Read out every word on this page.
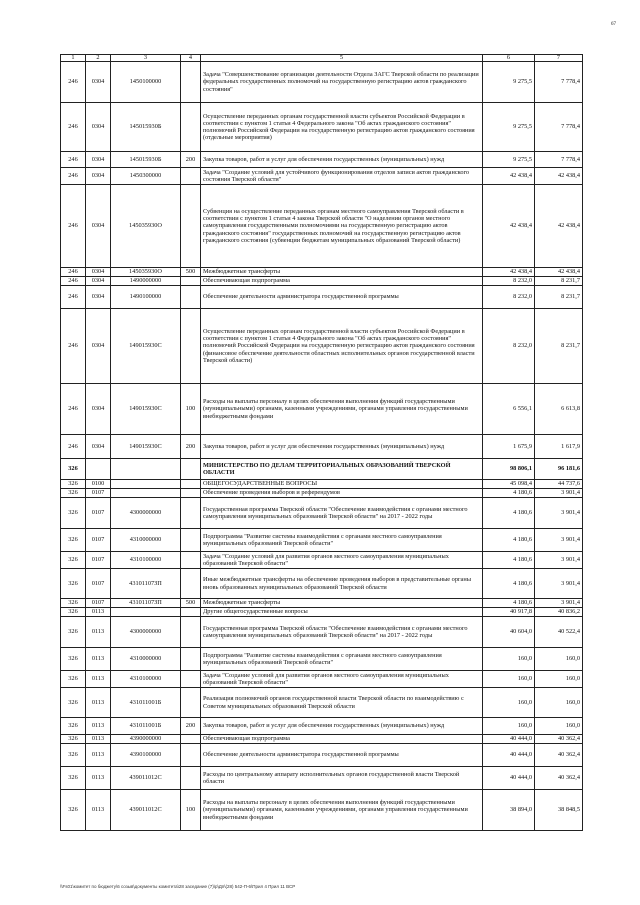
67
1	2	3	4	5	6	7
246	0304	1450100000		Задача "Совершенствование организации деятельности Отдела ЗАГС Тверской области по реализации федеральных государственных полномочий на государственную регистрацию актов гражданского состояния"	9 275,5	7 778,4
246	0304	145015930Б		Осуществление переданных органам государственной власти субъектов Российской Федерации в соответствии с пунктом 1 статьи 4 Федерального закона "Об актах гражданского состояния" полномочий Российской Федерации на государственную регистрацию актов гражданского состояния (отдельные мероприятия)	9 275,5	7 778,4
246	0304	145015930Б	200	Закупка товаров, работ и услуг для обеспечения государственных (муниципальных) нужд	9 275,5	7 778,4
246	0304	1450300000		Задача "Создание условий для устойчивого функционирования отделов записи актов гражданского состояния Тверской области"	42 438,4	42 438,4
246	0304	145035930O		Субвенция на осуществление переданных органам местного самоуправления Тверской области в соответствии с пунктом 1 статьи 4 закона Тверской области "О наделении органов местного самоуправления государственными полномочиями на государственную регистрацию актов гражданского состояния" государственных полномочий на государственную регистрацию актов гражданского состояния (субвенции бюджетам муниципальных образований Тверской области)	42 438,4	42 438,4
246	0304	145035930O	500	Межбюджетные трансферты	42 438,4	42 438,4
246	0304	1490000000		Обеспечивающая подпрограмма	8 232,0	8 231,7
246	0304	1490100000		Обеспечение деятельности администратора государственной программы	8 232,0	8 231,7
246	0304	149015930С		Осуществление переданных органам государственной власти субъектов Российской Федерации в соответствии с пунктом 1 статьи 4 Федерального закона "Об актах гражданского состояния" полномочий Российской Федерации на государственную регистрацию актов гражданского состояния (финансовое обеспечение деятельности областных исполнительных органов государственной власти Тверской области)	8 232,0	8 231,7
246	0304	149015930С	100	Расходы на выплаты персоналу в целях обеспечения выполнения функций государственными (муниципальными) органами, казенными учреждениями, органами управления государственными внебюджетными фондами	6 556,1	6 613,8
246	0304	149015930С	200	Закупка товаров, работ и услуг для обеспечения государственных (муниципальных) нужд	1 675,9	1 617,9
326				МИНИСТЕРСТВО ПО ДЕЛАМ ТЕРРИТОРИАЛЬНЫХ ОБРАЗОВАНИЙ ТВЕРСКОЙ ОБЛАСТИ	98 806,1	96 181,6
326	0100			ОБЩЕГОСУДАРСТВЕННЫЕ ВОПРОСЫ	45 098,4	44 737,6
326	0107			Обеспечение проведения выборов и референдумов	4 180,6	3 901,4
326	0107	4300000000		Государственная программа Тверской области "Обеспечение взаимодействия с органами местного самоуправления муниципальных образований Тверской области" на 2017 - 2022 годы	4 180,6	3 901,4
326	0107	4310000000		Подпрограмма "Развитие системы взаимодействия с органами местного самоуправления муниципальных образований Тверской области"	4 180,6	3 901,4
326	0107	4310100000		Задача "Создание условий для развития органов местного самоуправления муниципальных образований Тверской области"	4 180,6	3 901,4
326	0107	43101107ЗП		Иные межбюджетные трансферты на обеспечение проведения выборов в представительные органы вновь образованных муниципальных образований Тверской области	4 180,6	3 901,4
326	0107	43101107ЗП	500	Межбюджетные трансферты	4 180,6	3 901,4
326	0113			Другие общегосударственные вопросы	40 917,8	40 836,2
326	0113	4300000000		Государственная программа Тверской области "Обеспечение взаимодействия с органами местного самоуправления муниципальных образований Тверской области" на 2017 - 2022 годы	40 604,0	40 522,4
326	0113	4310000000		Подпрограмма "Развитие системы взаимодействия с органами местного самоуправления муниципальных образований Тверской области"	160,0	160,0
326	0113	4310100000		Задача "Создание условий для развития органов местного самоуправления муниципальных образований Тверской области"	160,0	160,0
326	0113	431011001Б		Реализация полномочий органов государственной власти Тверской области по взаимодействию с Советом муниципальных образований Тверской области	160,0	160,0
326	0113	431011001Б	200	Закупка товаров, работ и услуг для обеспечения государственных (муниципальных) нужд	160,0	160,0
326	0113	4390000000		Обеспечивающая подпрограмма	40 444,0	40 362,4
326	0113	4390100000		Обеспечение деятельности администратора государственной программы	40 444,0	40 362,4
326	0113	439011012С		Расходы по центральному аппарату исполнительных органов государственной власти Тверской области	40 444,0	40 362,4
326	0113	439011012С	100	Расходы на выплаты персоналу в целях обеспечения выполнения функций государственными (муниципальными) органами, казенными учреждениями, органами управления государственными внебюджетными фондами	38 894,0	38 848,5
\\Fs01\комитет по бюджету\6 созыв\документы комитета\28 заседание (7)\р\Дп\(28) 542-П-6\Прил 4 Прил 11 ВСР
